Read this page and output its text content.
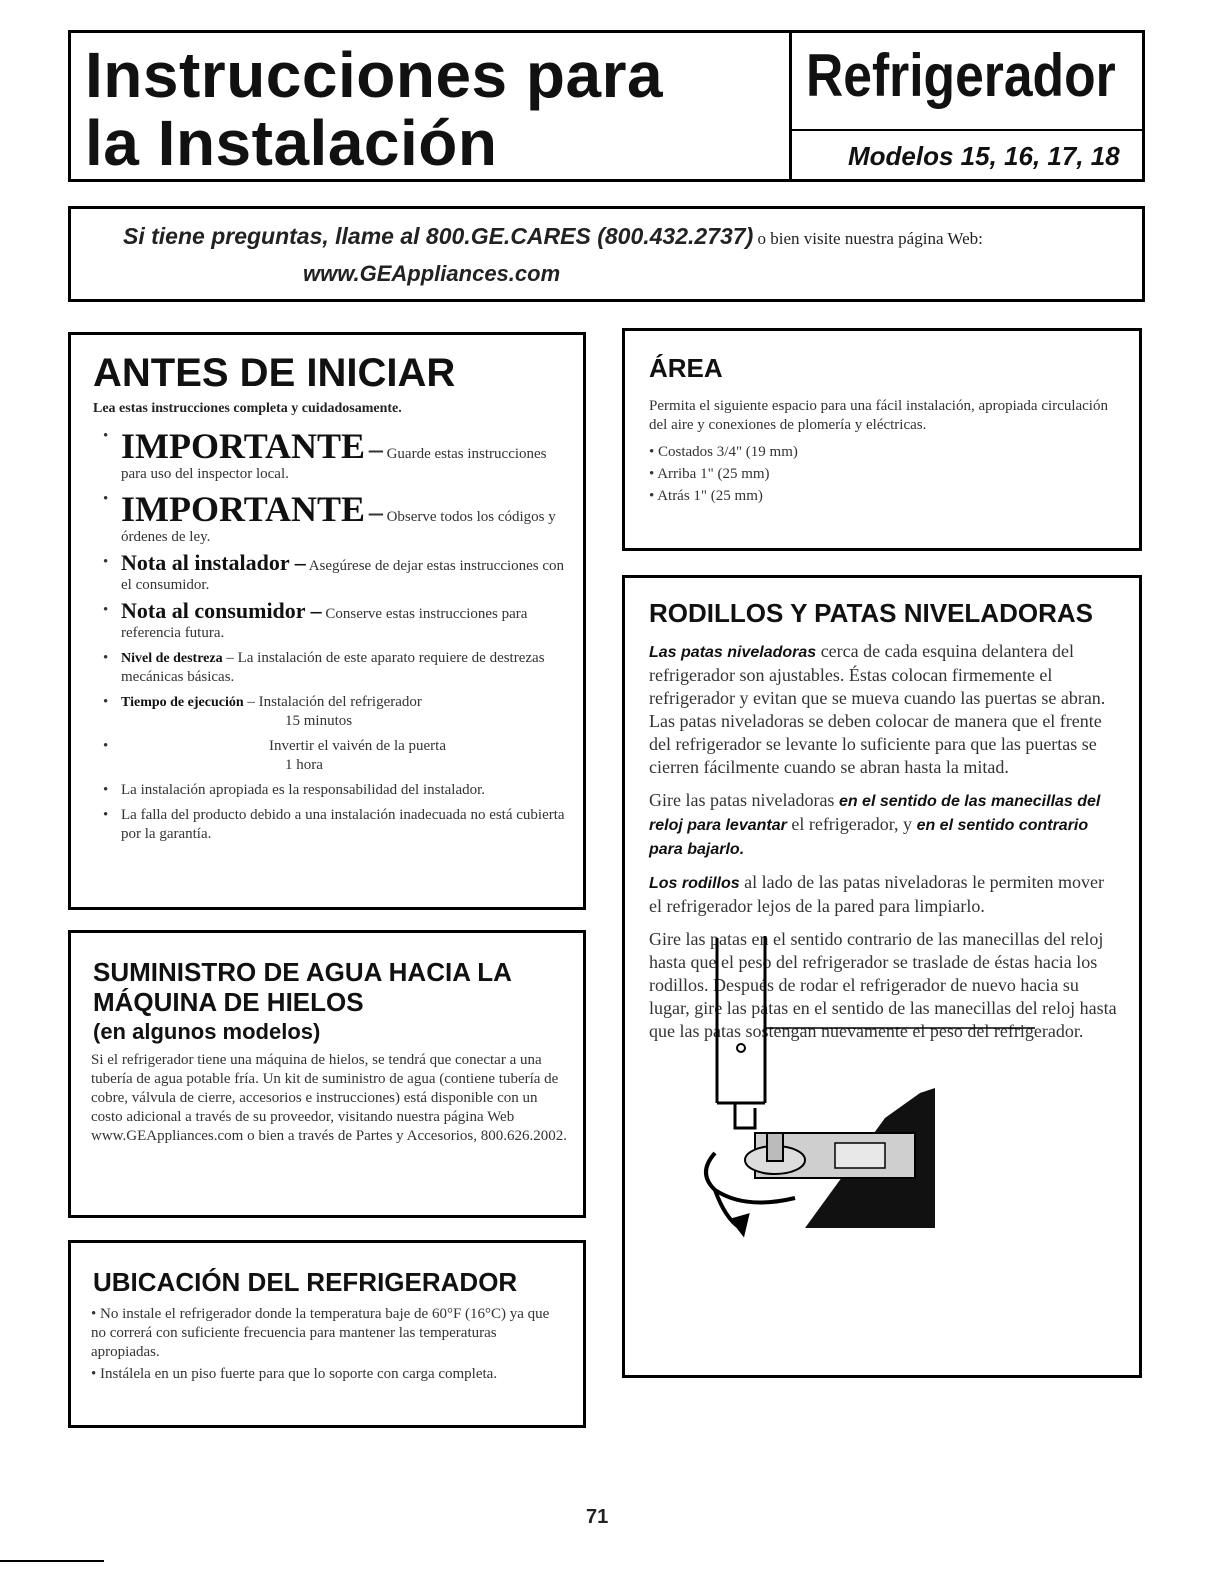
Instrucciones para
la Instalación
Refrigerador
Modelos 15, 16, 17, 18
Si tiene preguntas, llame al 800.GE.CARES (800.432.2737) o bien visite nuestra página Web:
www.GEAppliances.com
ANTES DE INICIAR
Lea estas instrucciones completa y cuidadosamente.
• IMPORTANTE – Guarde estas instrucciones para uso del inspector local.
• IMPORTANTE – Observe todos los códigos y órdenes de ley.
• Nota al instalador – Asegúrese de dejar estas instrucciones con el consumidor.
• Nota al consumidor – Conserve estas instrucciones para referencia futura.
• Nivel de destreza – La instalación de este aparato requiere de destrezas mecánicas básicas.
• Tiempo de ejecución – Instalación del refrigerador
15 minutos
• Invertir el vaivén de la puerta
1 hora
• La instalación apropiada es la responsabilidad del instalador.
• La falla del producto debido a una instalación inadecuada no está cubierta por la garantía.
ÁREA
Permita el siguiente espacio para una fácil instalación, apropiada circulación del aire y conexiones de plomería y eléctricas.
• Costados 3/4" (19 mm)
• Arriba 1" (25 mm)
• Atrás 1" (25 mm)
SUMINISTRO DE AGUA HACIA LA MÁQUINA DE HIELOS
(en algunos modelos)
Si el refrigerador tiene una máquina de hielos, se tendrá que conectar a una tubería de agua potable fría. Un kit de suministro de agua (contiene tubería de cobre, válvula de cierre, accesorios e instrucciones) está disponible con un costo adicional a través de su proveedor, visitando nuestra página Web www.GEAppliances.com o bien a través de Partes y Accesorios, 800.626.2002.
UBICACIÓN DEL REFRIGERADOR
• No instale el refrigerador donde la temperatura baje de 60°F (16°C) ya que no correrá con suficiente frecuencia para mantener las temperaturas apropiadas.
• Instálela en un piso fuerte para que lo soporte con carga completa.
RODILLOS Y PATAS NIVELADORAS

Las patas niveladoras cerca de cada esquina delantera del refrigerador son ajustables. Éstas colocan firmemente el refrigerador y evitan que se mueva cuando las puertas se abran. Las patas niveladoras se deben colocar de manera que el frente del refrigerador se levante lo suficiente para que las puertas se cierren fácilmente cuando se abran hasta la mitad.

Gire las patas niveladoras en el sentido de las manecillas del reloj para levantar el refrigerador, y en el sentido contrario para bajarlo.

Los rodillos al lado de las patas niveladoras le permiten mover el refrigerador lejos de la pared para limpiarlo.

Gire las patas en el sentido contrario de las manecillas del reloj hasta que el peso del refrigerador se traslade de éstas hacia los rodillos. Después de rodar el refrigerador de nuevo hacia su lugar, gire las patas en el sentido de las manecillas del reloj hasta que las patas sostengan nuevamente el peso del refrigerador.

71
